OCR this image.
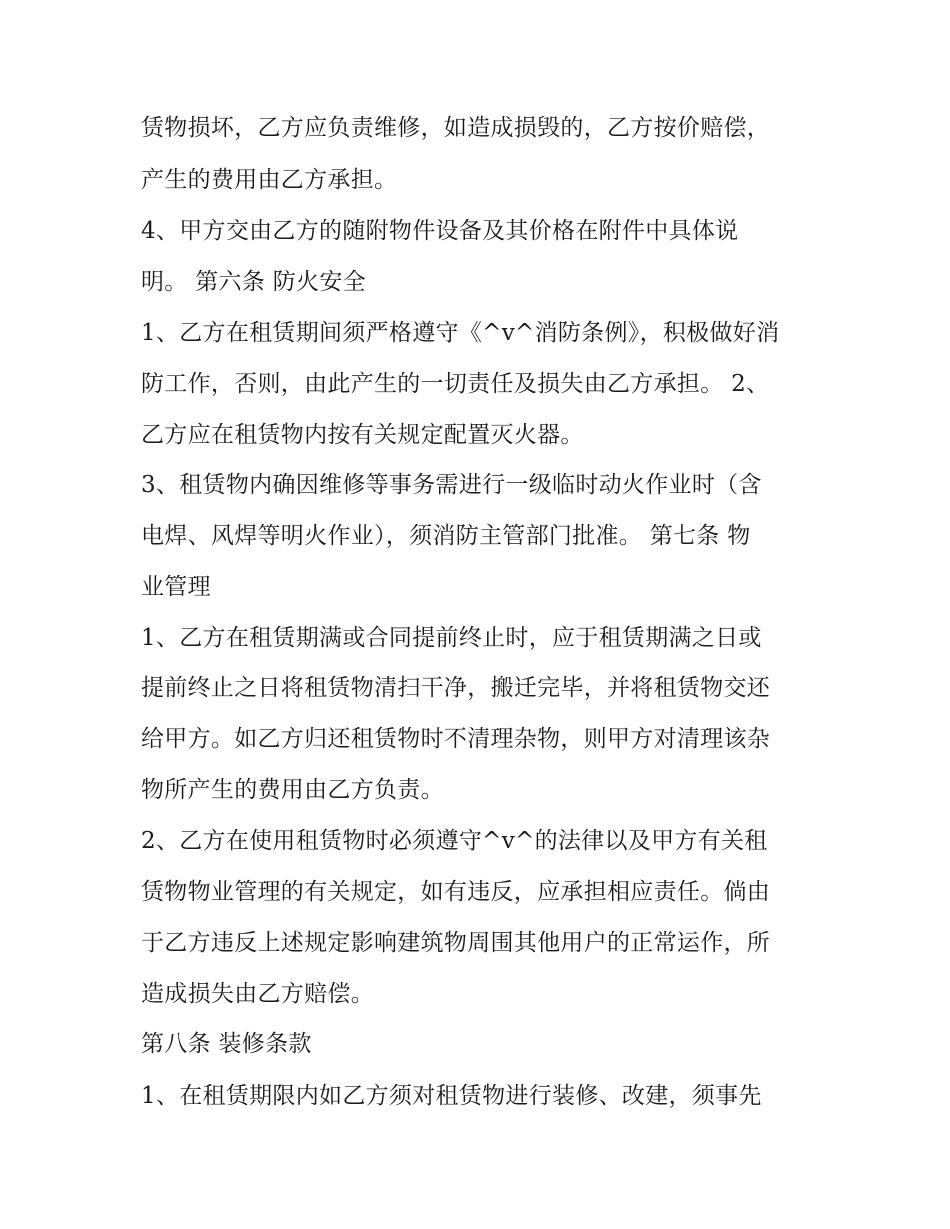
赁物损坏，乙方应负责维修，如造成损毁的，乙方按价赔偿，
产生的费用由乙方承担。
4、甲方交由乙方的随附物件设备及其价格在附件中具体说
明。 第六条 防火安全
1、乙方在租赁期间须严格遵守《^v^消防条例》，积极做好消
防工作，否则，由此产生的一切责任及损失由乙方承担。 2、
乙方应在租赁物内按有关规定配置灭火器。
3、租赁物内确因维修等事务需进行一级临时动火作业时（含
电焊、风焊等明火作业），须消防主管部门批准。 第七条 物
业管理
1、乙方在租赁期满或合同提前终止时，应于租赁期满之日或
提前终止之日将租赁物清扫干净，搬迁完毕，并将租赁物交还
给甲方。如乙方归还租赁物时不清理杂物，则甲方对清理该杂
物所产生的费用由乙方负责。
2、乙方在使用租赁物时必须遵守^v^的法律以及甲方有关租
赁物物业管理的有关规定，如有违反，应承担相应责任。倘由
于乙方违反上述规定影响建筑物周围其他用户的正常运作，所
造成损失由乙方赔偿。
第八条 装修条款
1、在租赁期限内如乙方须对租赁物进行装修、改建，须事先
